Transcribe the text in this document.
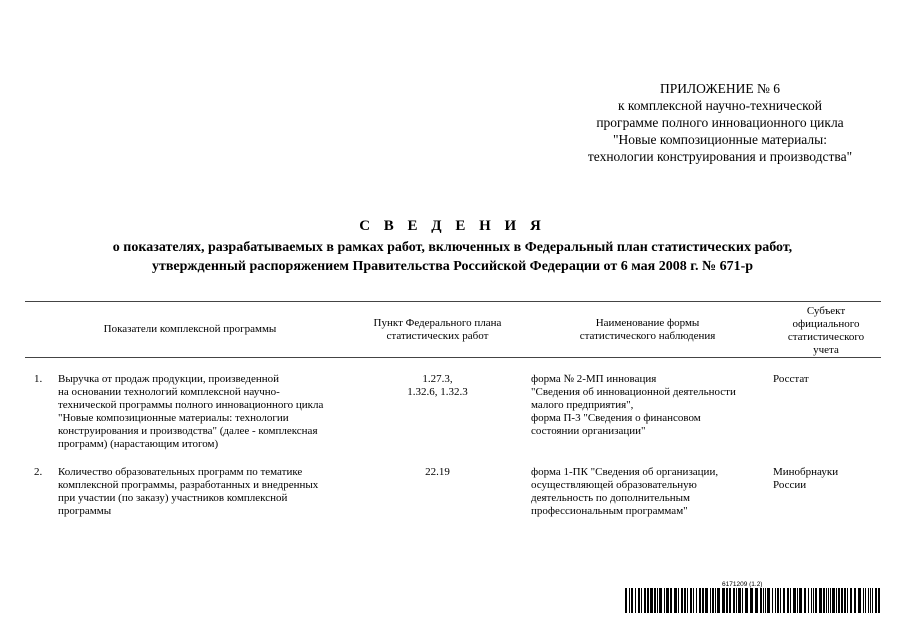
ПРИЛОЖЕНИЕ № 6
к комплексной научно-технической
программе полного инновационного цикла
"Новые композиционные материалы:
технологии конструирования и производства"
С В Е Д Е Н И Я
о показателях, разрабатываемых в рамках работ, включенных в Федеральный план статистических работ,
утвержденный распоряжением Правительства Российской Федерации от 6 мая 2008 г. № 671-р
Показатели комплексной программы	Пункт Федерального плана
статистических работ
Наименование формы
статистического наблюдения
Субъект
официального
статистического
учета
1. Выручка от продаж продукции, произведенной
на основании технологий комплексной научно-
технической программы полного инновационного цикла
"Новые композиционные материалы: технологии
конструирования и производства" (далее - комплексная
программ) (нарастающим итогом)
1.27.3,
1.32.6, 1.32.3
форма № 2-МП инновация
"Сведения об инновационной деятельности
малого предприятия",
форма П-3 "Сведения о финансовом
состоянии организации"
Росстат
2. Количество образовательных программ по тематике
комплексной программы, разработанных и внедренных
при участии (по заказу) участников комплексной
программы
22.19	форма 1-ПК "Сведения об организации,
осуществляющей образовательную
деятельность по дополнительным
профессиональным программам"
Минобрнауки
России
6171209 (1.2)
